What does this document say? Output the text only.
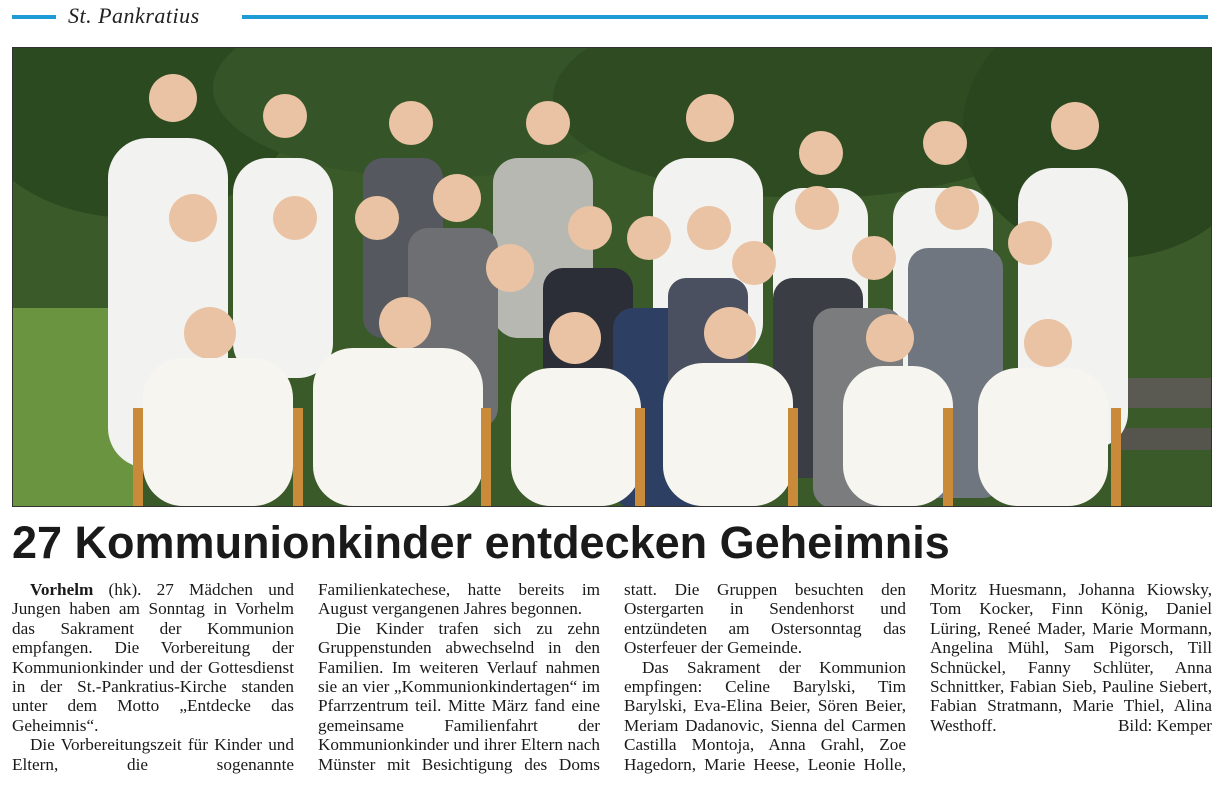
St. Pankratius
27 Kommunionkinder entdecken Geheimnis

Vorhelm (hk). 27 Mädchen und Jungen haben am Sonntag in Vorhelm das Sakrament der Kommunion empfangen. Die Vorbereitung der Kommunionkinder und der Gottesdienst in der St.-Pankratius-Kirche standen unter dem Motto „Entdecke das Geheimnis“.

Die Vorbereitungszeit für Kinder und Eltern, die sogenannte Familienkatechese, hatte bereits im August vergangenen Jahres begonnen.

Die Kinder trafen sich zu zehn Gruppenstunden abwechselnd in den Familien. Im weiteren Verlauf nahmen sie an vier „Kommunionkindertagen“ im Pfarrzentrum teil. Mitte März fand eine gemeinsame Familienfahrt der Kommunionkinder und ihrer Eltern nach Münster mit Besichtigung des Doms statt. Die Gruppen besuchten den Ostergarten in Sendenhorst und entzündeten am Ostersonntag das Osterfeuer der Gemeinde.

Das Sakrament der Kommunion empfingen: Celine Barylski, Tim Barylski, Eva-Elina Beier, Sören Beier, Meriam Dadanovic, Sienna del Carmen Castilla Montoja, Anna Grahl, Zoe Hagedorn, Marie Heese, Leonie Holle, Moritz Huesmann, Johanna Kiowsky, Tom Kocker, Finn König, Daniel Lüring, Reneé Mader, Marie Mormann, Angelina Mühl, Sam Pigorsch, Till Schnückel, Fanny Schlüter, Anna Schnittker, Fabian Sieb, Pauline Siebert, Fabian Stratmann, Marie Thiel, Alina Westhoff.	Bild: Kemper
